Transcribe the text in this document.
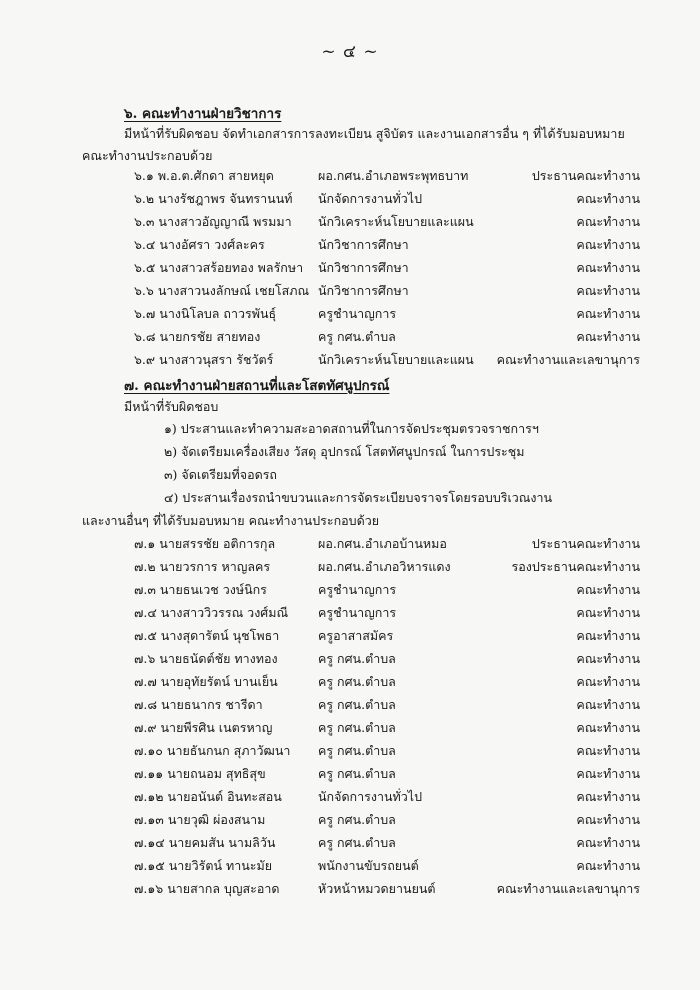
~ ๔ ~
๖. คณะทำงานฝ่ายวิชาการ
มีหน้าที่รับผิดชอบ จัดทำเอกสารการลงทะเบียน สูจิบัตร และงานเอกสารอื่น ๆ ที่ได้รับมอบหมาย
คณะทำงานประกอบด้วย
๖.๑ พ.อ.ต.ศักดา สายหยุด	ผอ.กศน.อำเภอพระพุทธบาท	ประธานคณะทำงาน
๖.๒ นางรัชฎาพร จันทรานนท์ นักจัดการงานทั่วไป	คณะทำงาน
๖.๓ นางสาวอัญญาณี พรมมา นักวิเคราะห์นโยบายและแผน	คณะทำงาน
๖.๔ นางอัศรา วงศ์ละคร	นักวิชาการศึกษา	คณะทำงาน
๖.๕ นางสาวสร้อยทอง พลรักษา นักวิชาการศึกษา	คณะทำงาน
๖.๖ นางสาวนงลักษณ์ เชยโสภณ นักวิชาการศึกษา	คณะทำงาน
๖.๗ นางนิโลบล ถาวรพันธุ์	ครูชำนาญการ	คณะทำงาน
๖.๘ นายกรชัย สายทอง	ครู กศน.ตำบล	คณะทำงาน
๖.๙ นางสาวนุสรา รัชวัตร์	นักวิเคราะห์นโยบายและแผน คณะทำงานและเลขานุการ
๗. คณะทำงานฝ่ายสถานที่และโสตทัศนูปกรณ์
มีหน้าที่รับผิดชอบ
๑) ประสานและทำความสะอาดสถานที่ในการจัดประชุมตรวจราชการฯ
๒) จัดเตรียมเครื่องเสียง วัสดุ อุปกรณ์ โสตทัศนูปกรณ์ ในการประชุม
๓) จัดเตรียมที่จอดรถ
๔) ประสานเรื่องรถนำขบวนและการจัดระเบียบจราจรโดยรอบบริเวณงาน
และงานอื่นๆ ที่ได้รับมอบหมาย คณะทำงานประกอบด้วย
๗.๑ นายสรรชัย อติการกุล	ผอ.กศน.อำเภอบ้านหมอ	ประธานคณะทำงาน
๗.๒ นายวรการ หาญลคร	ผอ.กศน.อำเภอวิหารแดง	รองประธานคณะทำงาน
๗.๓ นายธนเวช วงษ์นิกร	ครูชำนาญการ	คณะทำงาน
๗.๔ นางสาววิวรรณ วงศ์มณี ครูชำนาญการ	คณะทำงาน
๗.๕ นางสุดารัตน์ นุชโพธา	ครูอาสาสมัคร	คณะทำงาน
๗.๖ นายธนัดต์ชัย ทางทอง	ครู กศน.ตำบล	คณะทำงาน
๗.๗ นายอุทัยรัตน์ บานเย็น	ครู กศน.ตำบล	คณะทำงาน
๗.๘ นายธนากร ชารีดา	ครู กศน.ตำบล	คณะทำงาน
๗.๙ นายพีรศิน เนตรหาญ	ครู กศน.ตำบล	คณะทำงาน
๗.๑๐ นายธันกนก สุภาวัฒนา ครู กศน.ตำบล	คณะทำงาน
๗.๑๑ นายถนอม สุทธิสุข	ครู กศน.ตำบล	คณะทำงาน
๗.๑๒ นายอนันต์ อินทะสอน	นักจัดการงานทั่วไป	คณะทำงาน
๗.๑๓ นายวุฒิ ผ่องสนาม	ครู กศน.ตำบล	คณะทำงาน
๗.๑๔ นายคมสัน นามลิวัน	ครู กศน.ตำบล	คณะทำงาน
๗.๑๕ นายวิรัตน์ ทานะมัย	พนักงานขับรถยนต์	คณะทำงาน
๗.๑๖ นายสากล บุญสะอาด	หัวหน้าหมวดยานยนต์	คณะทำงานและเลขานุการ
